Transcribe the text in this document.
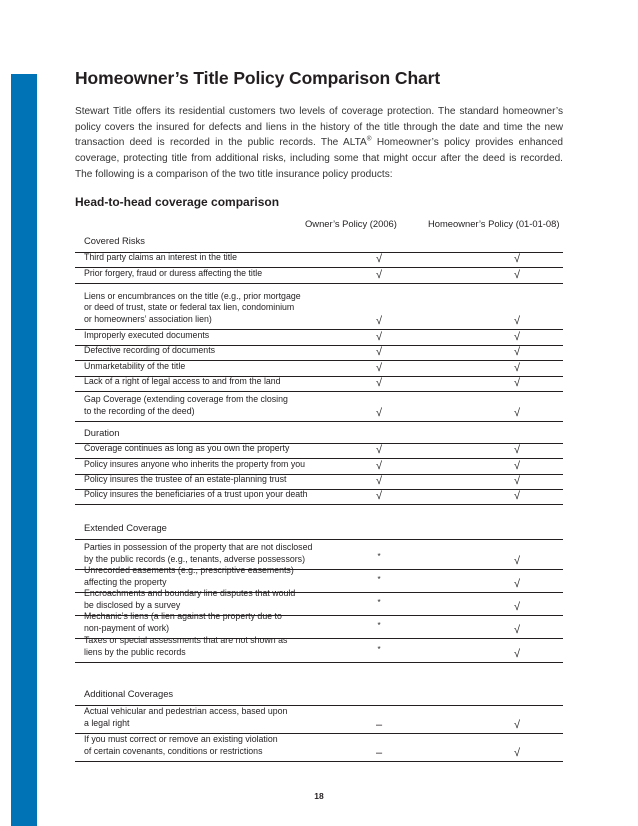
Homeowner’s Title Policy Comparison Chart

Stewart Title offers its residential customers two levels of coverage protection. The standard homeowner’s policy covers the insured for defects and liens in the history of the title through the date and time the new transaction deed is recorded in the public records. The ALTA® Homeowner’s policy provides enhanced coverage, protecting title from additional risks, including some that might occur after the deed is recorded. The following is a comparison of the two title insurance policy products:

Head-to-head coverage comparison
Owner’s Policy (2006)	Homeowner’s Policy (01-01-08)
Covered Risks
Third party claims an interest in the title	√	√
Prior forgery, fraud or duress affecting the title	√	√
Liens or encumbrances on the title (e.g., prior mortgage
or deed of trust, state or federal tax lien, condominium
or homeowners’ association lien)	√	√
Improperly executed documents	√	√
Defective recording of documents	√	√
Unmarketability of the title	√	√
Lack of a right of legal access to and from the land	√	√
Gap Coverage (extending coverage from the closing
to the recording of the deed)	√	√
Duration
Coverage continues as long as you own the property	√	√
Policy insures anyone who inherits the property from you	√	√
Policy insures the trustee of an estate-planning trust	√	√
Policy insures the beneficiaries of a trust upon your death	√	√
Extended Coverage
Parties in possession of the property that are not disclosed
by the public records (e.g., tenants, adverse possessors)	*	√
Unrecorded easements (e.g., prescriptive easements)
affecting the property	*	√
Encroachments and boundary line disputes that would
be disclosed by a survey	*	√
Mechanic’s liens (a lien against the property due to
non-payment of work)	*	√
Taxes or special assessments that are not shown as
liens by the public records	*	√
Additional Coverages
Actual vehicular and pedestrian access, based upon
a legal right	–	√
If you must correct or remove an existing violation
of certain covenants, conditions or restrictions	–	√
18
